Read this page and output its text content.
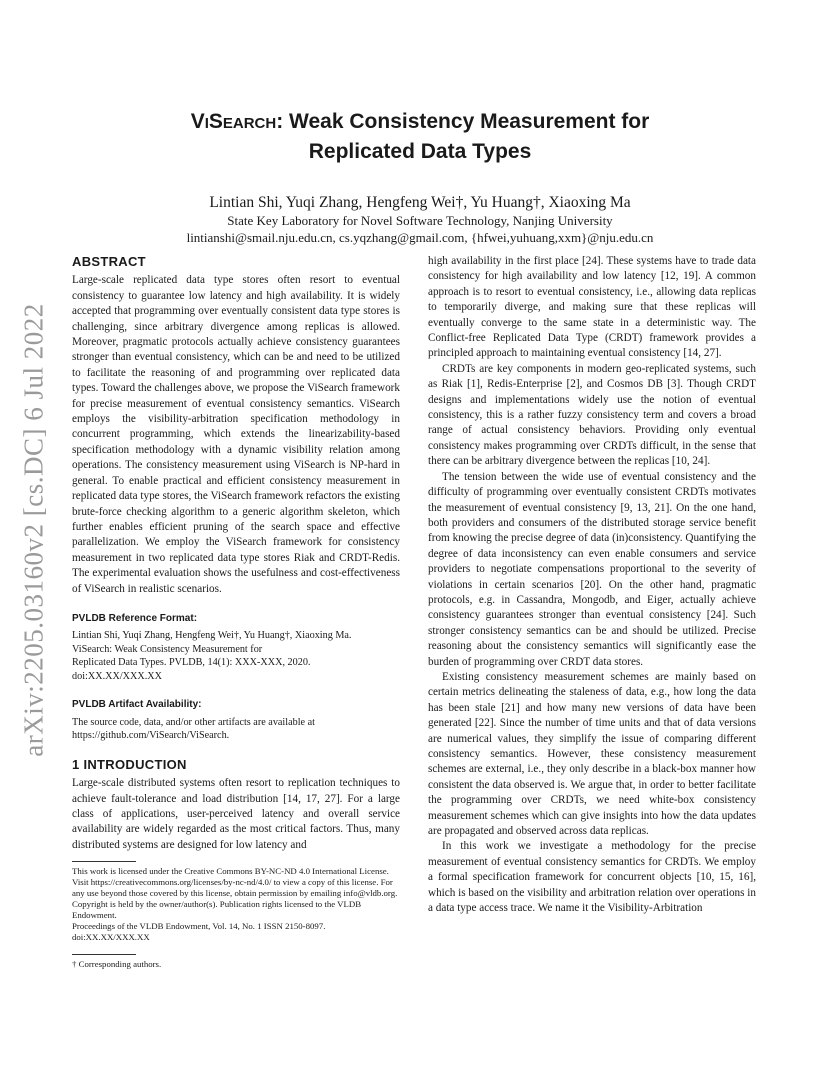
arXiv:2205.03160v2 [cs.DC] 6 Jul 2022
ViSearch: Weak Consistency Measurement for
Replicated Data Types
Lintian Shi, Yuqi Zhang, Hengfeng Wei†, Yu Huang†, Xiaoxing Ma
State Key Laboratory for Novel Software Technology, Nanjing University
lintianshi@smail.nju.edu.cn, cs.yqzhang@gmail.com, {hfwei,yuhuang,xxm}@nju.edu.cn
ABSTRACT

Large-scale replicated data type stores often resort to eventual consistency to guarantee low latency and high availability. It is widely accepted that programming over eventually consistent data type stores is challenging, since arbitrary divergence among replicas is allowed. Moreover, pragmatic protocols actually achieve consistency guarantees stronger than eventual consistency, which can be and need to be utilized to facilitate the reasoning of and programming over replicated data types. Toward the challenges above, we propose the ViSearch framework for precise measurement of eventual consistency semantics. ViSearch employs the visibility-arbitration specification methodology in concurrent programming, which extends the linearizability-based specification methodology with a dynamic visibility relation among operations. The consistency measurement using ViSearch is NP-hard in general. To enable practical and efficient consistency measurement in replicated data type stores, the ViSearch framework refactors the existing brute-force checking algorithm to a generic algorithm skeleton, which further enables efficient pruning of the search space and effective parallelization. We employ the ViSearch framework for consistency measurement in two replicated data type stores Riak and CRDT-Redis. The experimental evaluation shows the usefulness and cost-effectiveness of ViSearch in realistic scenarios.

PVLDB Reference Format:
Lintian Shi, Yuqi Zhang, Hengfeng Wei†, Yu Huang†, Xiaoxing Ma.
ViSearch: Weak Consistency Measurement for
Replicated Data Types. PVLDB, 14(1): XXX-XXX, 2020.
doi:XX.XX/XXX.XX
PVLDB Artifact Availability:

The source code, data, and/or other artifacts are available at https://github.com/ViSearch/ViSearch.

1 INTRODUCTION

Large-scale distributed systems often resort to replication techniques to achieve fault-tolerance and load distribution [14, 17, 27]. For a large class of applications, user-perceived latency and overall service availability are widely regarded as the most critical factors. Thus, many distributed systems are designed for low latency and

This work is licensed under the Creative Commons BY-NC-ND 4.0 International License. Visit https://creativecommons.org/licenses/by-nc-nd/4.0/ to view a copy of this license. For any use beyond those covered by this license, obtain permission by emailing info@vldb.org. Copyright is held by the owner/author(s). Publication rights licensed to the VLDB Endowment.
Proceedings of the VLDB Endowment, Vol. 14, No. 1 ISSN 2150-8097.
doi:XX.XX/XXX.XX
† Corresponding authors.

high availability in the first place [24]. These systems have to trade data consistency for high availability and low latency [12, 19]. A common approach is to resort to eventual consistency, i.e., allowing data replicas to temporarily diverge, and making sure that these replicas will eventually converge to the same state in a deterministic way. The Conflict-free Replicated Data Type (CRDT) framework provides a principled approach to maintaining eventual consistency [14, 27].

CRDTs are key components in modern geo-replicated systems, such as Riak [1], Redis-Enterprise [2], and Cosmos DB [3]. Though CRDT designs and implementations widely use the notion of eventual consistency, this is a rather fuzzy consistency term and covers a broad range of actual consistency behaviors. Providing only eventual consistency makes programming over CRDTs difficult, in the sense that there can be arbitrary divergence between the replicas [10, 24].

The tension between the wide use of eventual consistency and the difficulty of programming over eventually consistent CRDTs motivates the measurement of eventual consistency [9, 13, 21]. On the one hand, both providers and consumers of the distributed storage service benefit from knowing the precise degree of data (in)consistency. Quantifying the degree of data inconsistency can even enable consumers and service providers to negotiate compensations proportional to the severity of violations in certain scenarios [20]. On the other hand, pragmatic protocols, e.g. in Cassandra, Mongodb, and Eiger, actually achieve consistency guarantees stronger than eventual consistency [24]. Such stronger consistency semantics can be and should be utilized. Precise reasoning about the consistency semantics will significantly ease the burden of programming over CRDT data stores.

Existing consistency measurement schemes are mainly based on certain metrics delineating the staleness of data, e.g., how long the data has been stale [21] and how many new versions of data have been generated [22]. Since the number of time units and that of data versions are numerical values, they simplify the issue of comparing different consistency semantics. However, these consistency measurement schemes are external, i.e., they only describe in a black-box manner how consistent the data observed is. We argue that, in order to better facilitate the programming over CRDTs, we need white-box consistency measurement schemes which can give insights into how the data updates are propagated and observed across data replicas.

In this work we investigate a methodology for the precise measurement of eventual consistency semantics for CRDTs. We employ a formal specification framework for concurrent objects [10, 15, 16], which is based on the visibility and arbitration relation over operations in a data type access trace. We name it the Visibility-Arbitration
